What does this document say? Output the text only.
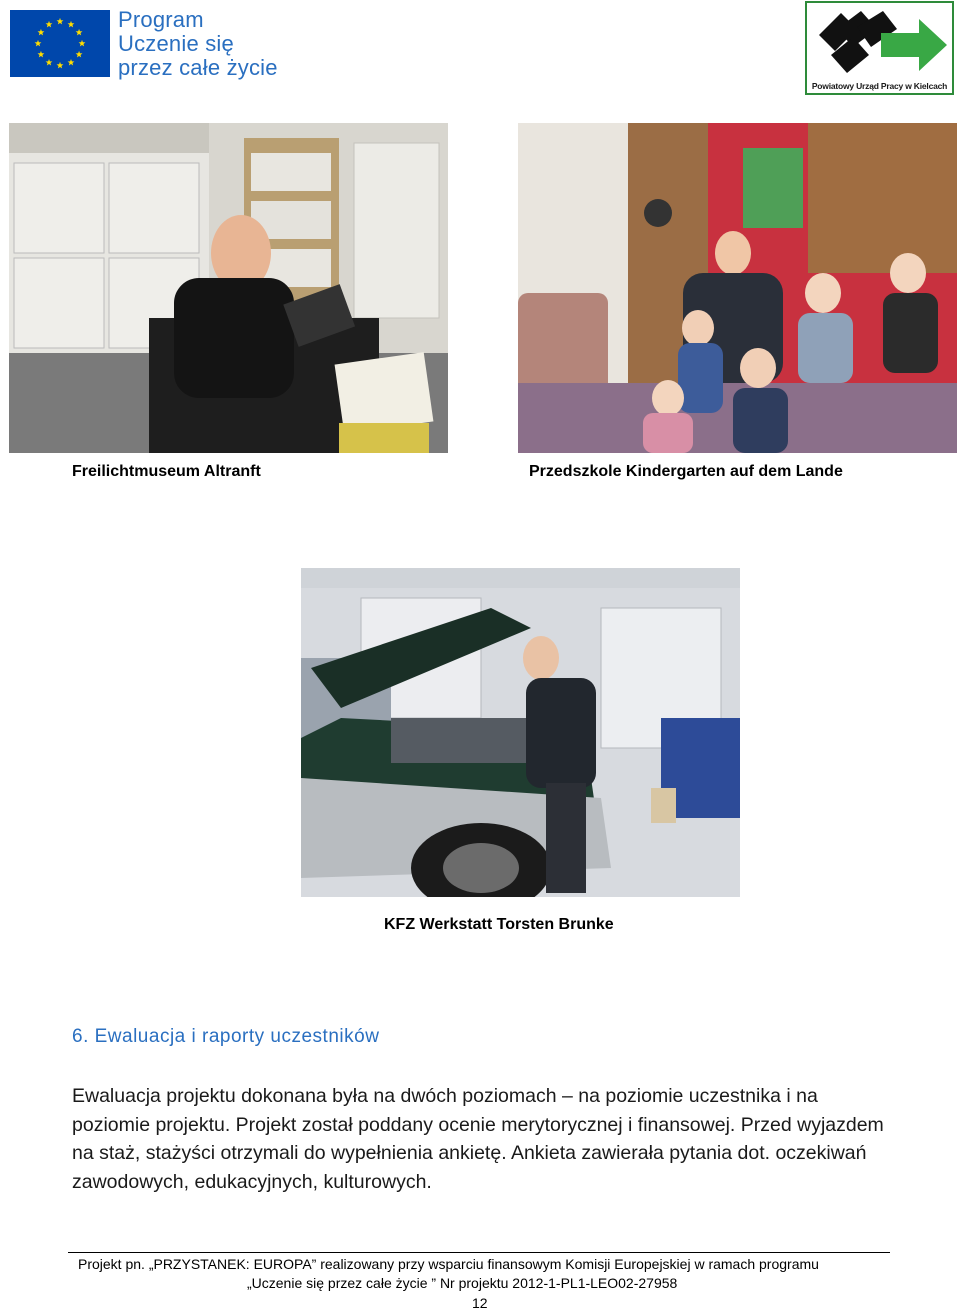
Program
Uczenie się
przez całe życie
Powiatowy Urząd Pracy w Kielcach
Freilichtmuseum Altranft	Przedszkole Kindergarten auf dem Lande
KFZ Werkstatt Torsten Brunke
6. Ewaluacja i raporty uczestników
Ewaluacja projektu dokonana była na dwóch poziomach – na poziomie uczestnika i na poziomie projektu. Projekt został poddany ocenie merytorycznej i finansowej. Przed wyjazdem na staż, stażyści otrzymali do wypełnienia ankietę. Ankieta zawierała pytania dot. oczekiwań zawodowych, edukacyjnych, kulturowych.
Projekt pn. „PRZYSTANEK: EUROPA” realizowany przy wsparciu finansowym Komisji Europejskiej w ramach programu
„Uczenie się przez całe życie ” Nr projektu 2012-1-PL1-LEO02-27958
12
